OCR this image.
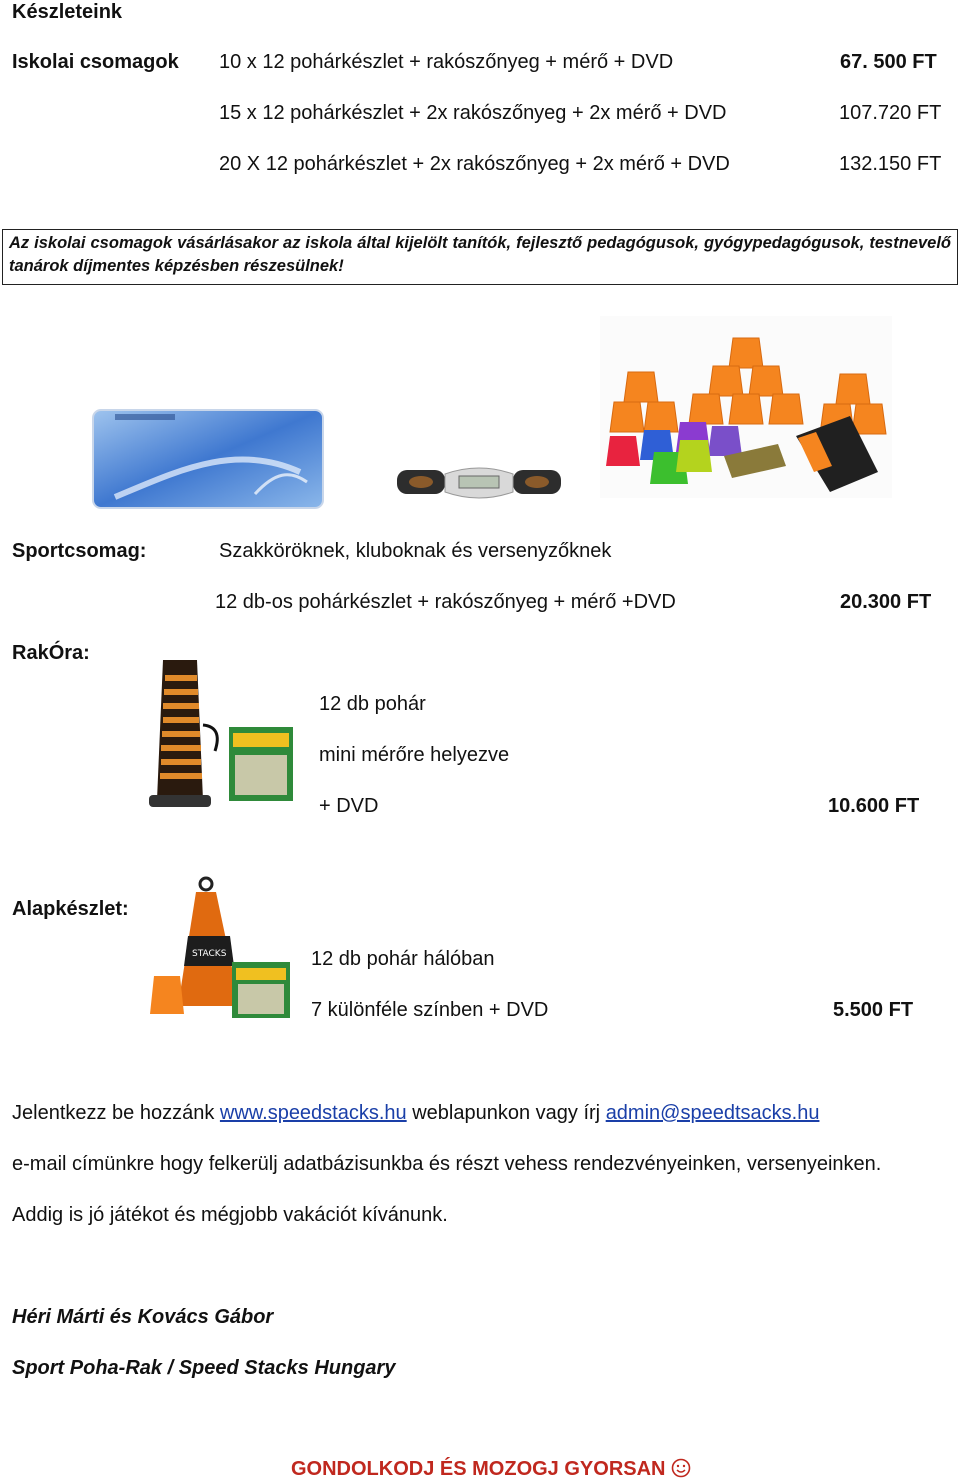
Készleteink
Iskolai csomagok 10 x 12 pohárkészlet + rakószőnyeg + mérő + DVD	67. 500 FT
15 x 12 pohárkészlet + 2x rakószőnyeg + 2x mérő + DVD	107.720 FT
20 X 12 pohárkészlet + 2x rakószőnyeg + 2x mérő + DVD	132.150 FT
Az iskolai csomagok vásárlásakor az iskola által kijelölt tanítók, fejlesztő pedagógusok, gyógypedagógusok, testnevelő tanárok díjmentes képzésben részesülnek!
Sportcsomag:	Szakköröknek, kluboknak és versenyzőknek
12 db-os pohárkészlet + rakószőnyeg + mérő +DVD	20.300 FT
RakÓra:
12 db pohár
mini mérőre helyezve
+ DVD	10.600 FT
Alapkészlet:
STACKS	12 db pohár hálóban
7 különféle színben + DVD	5.500 FT
Jelentkezz be hozzánk www.speedstacks.hu weblapunkon vagy írj admin@speedtsacks.hu
e-mail címünkre hogy felkerülj adatbázisunkba és részt vehess rendezvényeinken, versenyeinken.
Addig is jó játékot és mégjobb vakációt kívánunk.
Héri Márti és Kovács Gábor
Sport Poha-Rak / Speed Stacks Hungary
GONDOLKODJ ÉS MOZOGJ GYORSAN
